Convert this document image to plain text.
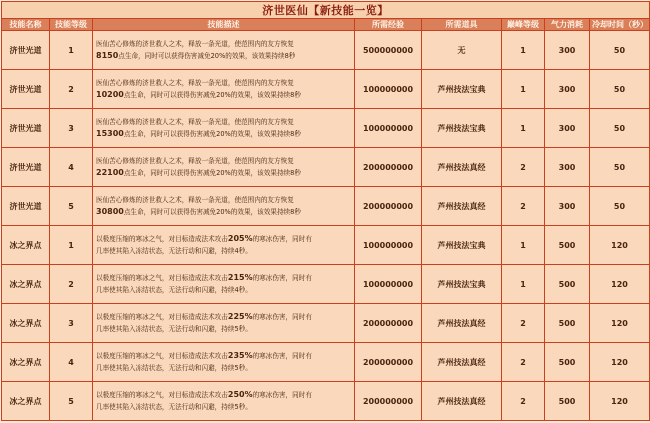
济世医仙【新技能一览】							
技能名称	技能等级	技能描述	所需经验	所需道具	巅峰等级	气力消耗	冷却时间（秒）
济世光道	1	医仙苦心修炼的济世救人之术，释放一条光道，使范围内的友方恢复
8150点生命，同时可以获得伤害减免20%的效果，该效果持续8秒	500000000	无	1	300	50
济世光道	2	医仙苦心修炼的济世救人之术，释放一条光道，使范围内的友方恢复
10200点生命，同时可以获得伤害减免20%的效果，该效果持续8秒	100000000	芦州技法宝典	1	300	50
济世光道	3	医仙苦心修炼的济世救人之术，释放一条光道，使范围内的友方恢复
15300点生命，同时可以获得伤害减免20%的效果，该效果持续8秒	100000000	芦州技法宝典	1	300	50
济世光道	4	医仙苦心修炼的济世救人之术，释放一条光道，使范围内的友方恢复
22100点生命，同时可以获得伤害减免20%的效果，该效果持续8秒	200000000	芦州技法真经	2	300	50
济世光道	5	医仙苦心修炼的济世救人之术，释放一条光道，使范围内的友方恢复
30800点生命，同时可以获得伤害减免20%的效果，该效果持续8秒	200000000	芦州技法真经	2	300	50
冰之界点	1	以极度压缩的寒冰之气，对目标造成法术攻击205%的寒冰伤害，同时有
几率使其陷入冻结状态，无法行动和闪避，持续4秒。	100000000	芦州技法宝典	1	500	120
冰之界点	2	以极度压缩的寒冰之气，对目标造成法术攻击215%的寒冰伤害，同时有
几率使其陷入冻结状态，无法行动和闪避，持续4秒。	100000000	芦州技法宝典	1	500	120
冰之界点	3	以极度压缩的寒冰之气，对目标造成法术攻击225%的寒冰伤害，同时有
几率使其陷入冻结状态，无法行动和闪避，持续5秒。	200000000	芦州技法真经	2	500	120
冰之界点	4	以极度压缩的寒冰之气，对目标造成法术攻击235%的寒冰伤害，同时有
几率使其陷入冻结状态，无法行动和闪避，持续5秒。	200000000	芦州技法真经	2	500	120
冰之界点	5	以极度压缩的寒冰之气，对目标造成法术攻击250%的寒冰伤害，同时有
几率使其陷入冻结状态，无法行动和闪避，持续5秒。	200000000	芦州技法真经	2	500	120
